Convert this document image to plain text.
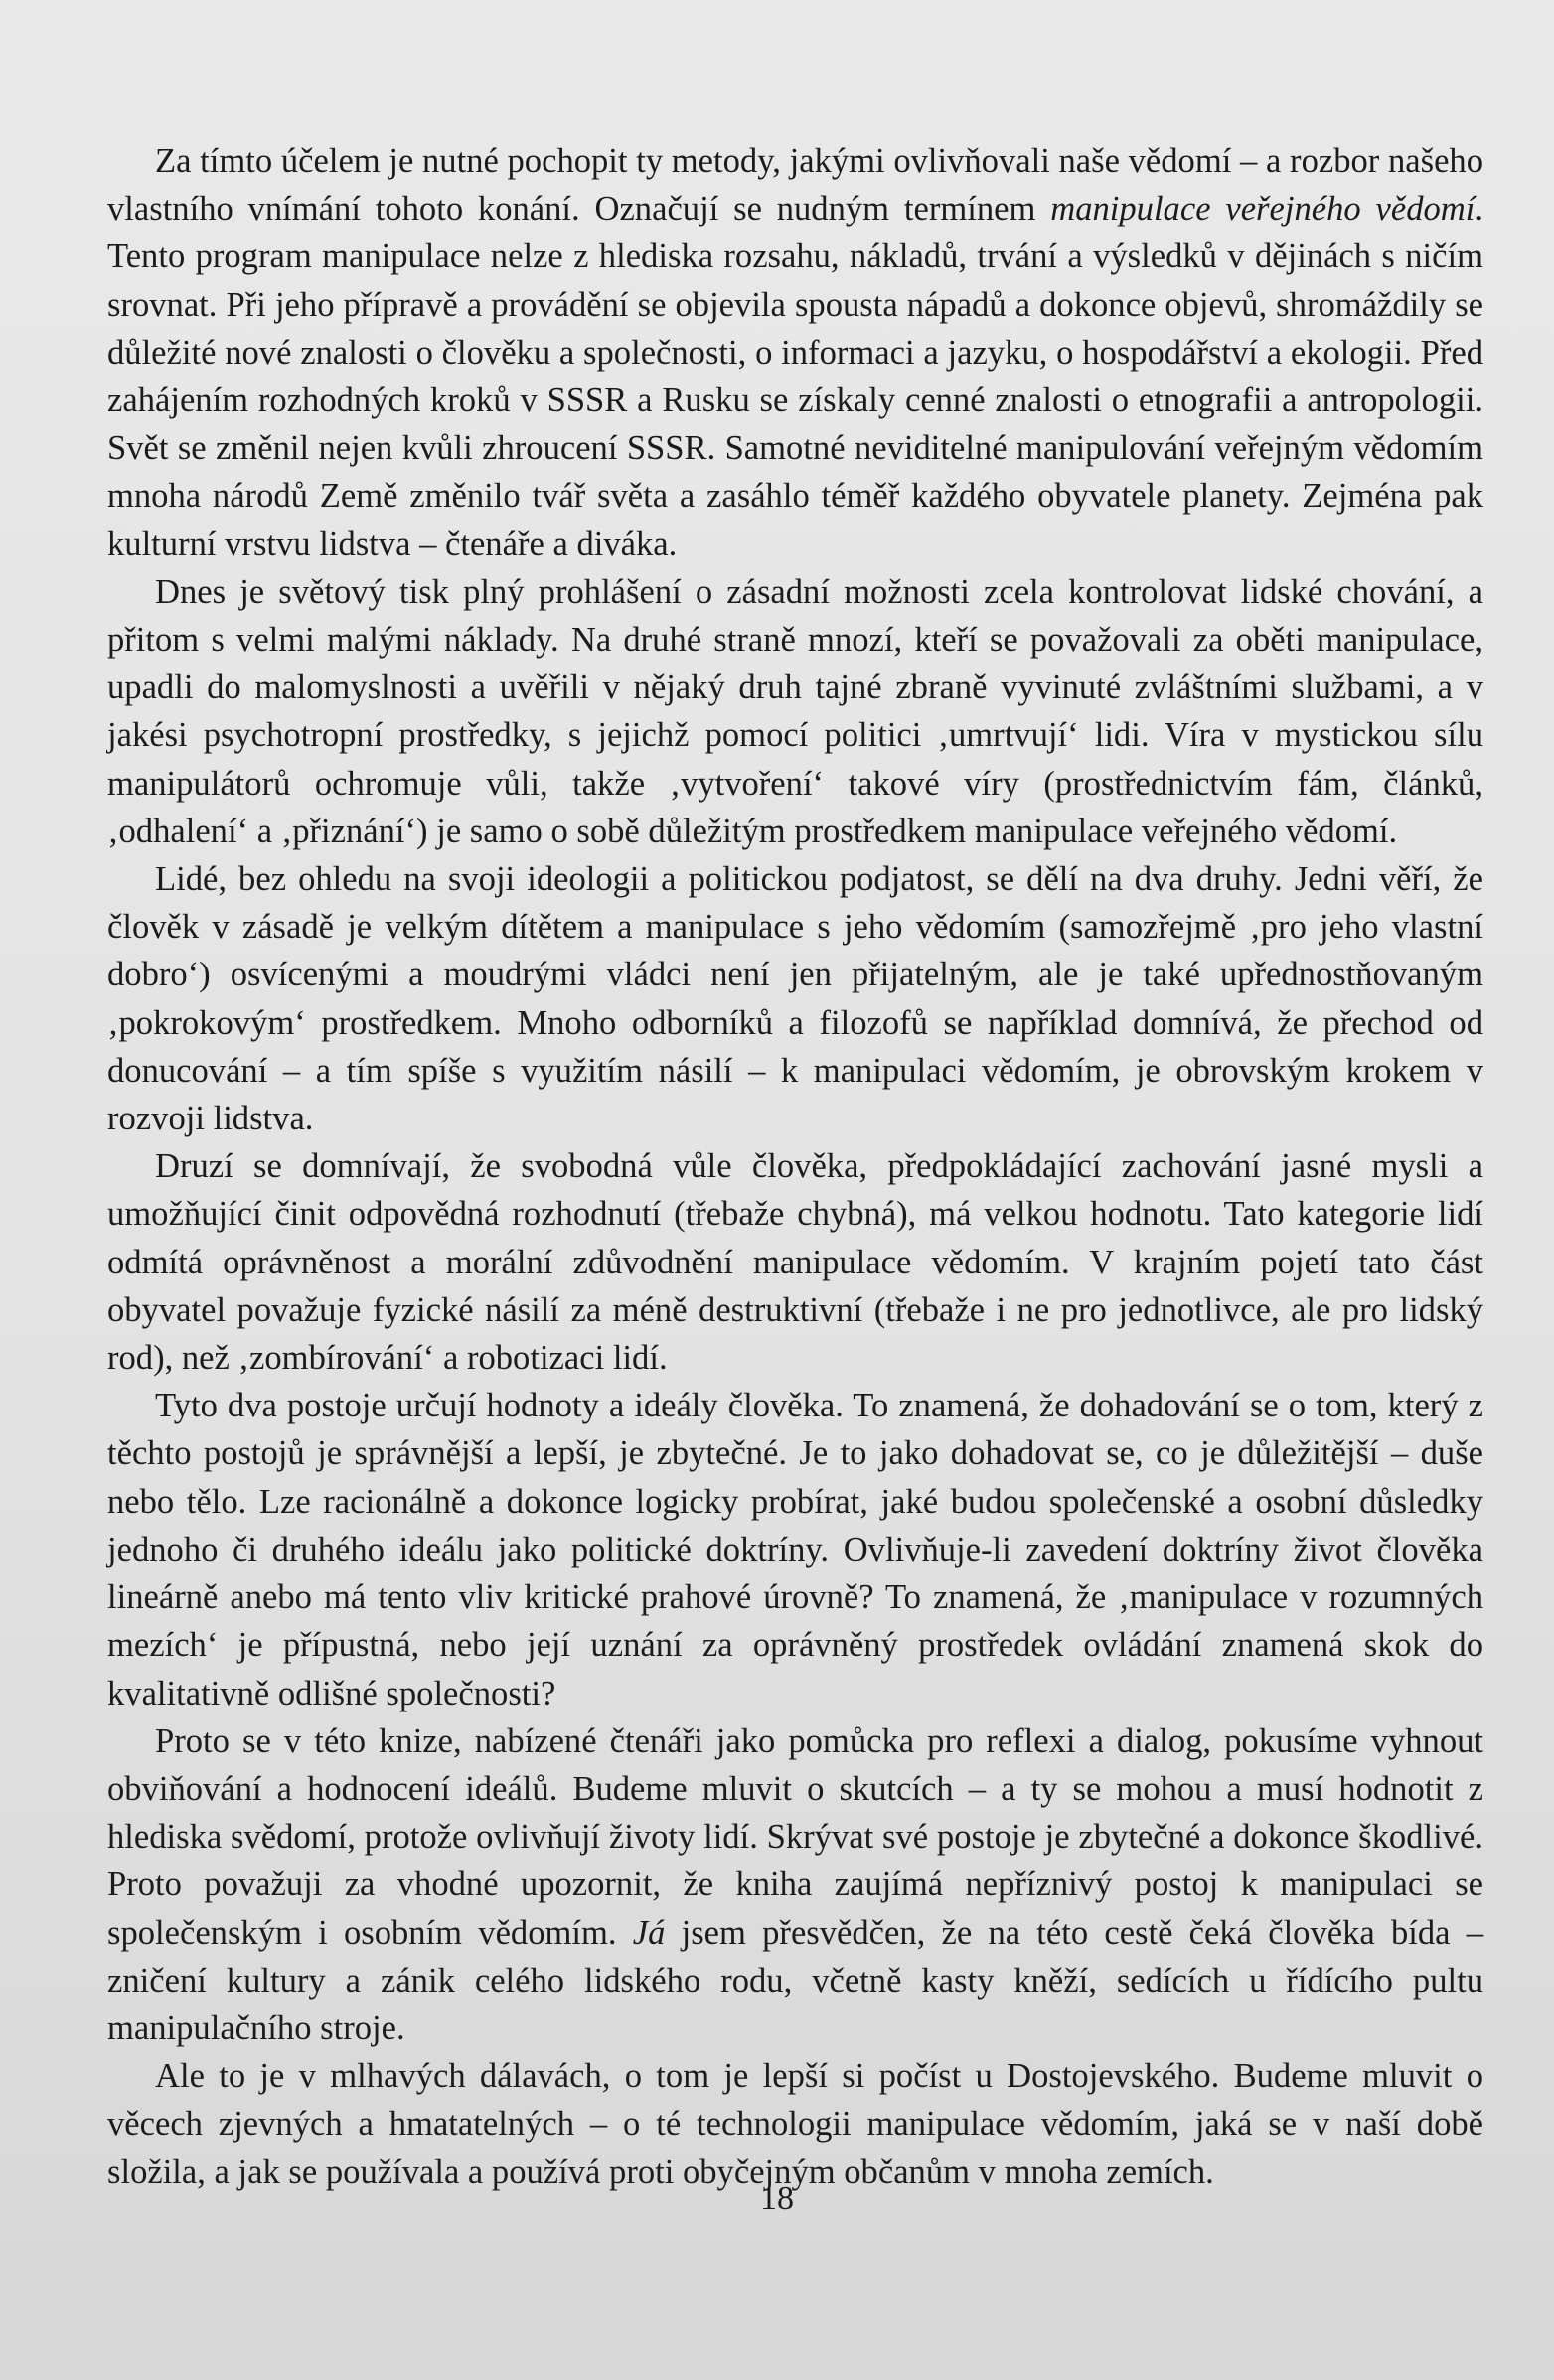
Za tímto účelem je nutné pochopit ty metody, jakými ovlivňovali naše vědomí – a rozbor našeho vlastního vnímání tohoto konání. Označují se nudným termínem manipulace veřejného vědomí. Tento program manipulace nelze z hlediska rozsahu, nákladů, trvání a výsledků v dějinách s ničím srovnat. Při jeho přípravě a provádění se objevila spousta nápadů a dokonce objevů, shromáždily se důležité nové znalosti o člověku a společnosti, o informaci a jazyku, o hospodářství a ekologii. Před zahájením rozhodných kroků v SSSR a Rusku se získaly cenné znalosti o etnografii a antropologii. Svět se změnil nejen kvůli zhroucení SSSR. Samotné neviditelné manipulování veřejným vědomím mnoha národů Země změnilo tvář světa a zasáhlo téměř každého obyvatele planety. Zejména pak kulturní vrstvu lidstva – čtenáře a diváka.

Dnes je světový tisk plný prohlášení o zásadní možnosti zcela kontrolovat lidské chování, a přitom s velmi malými náklady. Na druhé straně mnozí, kteří se považovali za oběti manipulace, upadli do malomyslnosti a uvěřili v nějaký druh tajné zbraně vyvinuté zvláštními službami, a v jakési psychotropní prostředky, s jejichž pomocí politici ‚umrtvují‘ lidi. Víra v mystickou sílu manipulátorů ochromuje vůli, takže ‚vytvoření‘ takové víry (prostřednictvím fám, článků, ‚odhalení‘ a ‚přiznání‘) je samo o sobě důležitým prostředkem manipulace veřejného vědomí.

Lidé, bez ohledu na svoji ideologii a politickou podjatost, se dělí na dva druhy. Jedni věří, že člověk v zásadě je velkým dítětem a manipulace s jeho vědomím (samozřejmě ‚pro jeho vlastní dobro‘) osvícenými a moudrými vládci není jen přijatelným, ale je také upřednostňovaným ‚pokrokovým‘ prostředkem. Mnoho odborníků a filozofů se například domnívá, že přechod od donucování – a tím spíše s využitím násilí – k manipulaci vědomím, je obrovským krokem v rozvoji lidstva.

Druzí se domnívají, že svobodná vůle člověka, předpokládající zachování jasné mysli a umožňující činit odpovědná rozhodnutí (třebaže chybná), má velkou hodnotu. Tato kategorie lidí odmítá oprávněnost a morální zdůvodnění manipulace vědomím. V krajním pojetí tato část obyvatel považuje fyzické násilí za méně destruktivní (třebaže i ne pro jednotlivce, ale pro lidský rod), než ‚zombírování‘ a robotizaci lidí.

Tyto dva postoje určují hodnoty a ideály člověka. To znamená, že dohadování se o tom, který z těchto postojů je správnější a lepší, je zbytečné. Je to jako dohadovat se, co je důležitější – duše nebo tělo. Lze racionálně a dokonce logicky probírat, jaké budou společenské a osobní důsledky jednoho či druhého ideálu jako politické doktríny. Ovlivňuje-li zavedení doktríny život člověka lineárně anebo má tento vliv kritické prahové úrovně? To znamená, že ‚manipulace v rozumných mezích‘ je přípustná, nebo její uznání za oprávněný prostředek ovládání znamená skok do kvalitativně odlišné společnosti?

Proto se v této knize, nabízené čtenáři jako pomůcka pro reflexi a dialog, pokusíme vyhnout obviňování a hodnocení ideálů. Budeme mluvit o skutcích – a ty se mohou a musí hodnotit z hlediska svědomí, protože ovlivňují životy lidí. Skrývat své postoje je zbytečné a dokonce škodlivé. Proto považuji za vhodné upozornit, že kniha zaujímá nepříznivý postoj k manipulaci se společenským i osobním vědomím. Já jsem přesvědčen, že na této cestě čeká člověka bída – zničení kultury a zánik celého lidského rodu, včetně kasty kněží, sedících u řídícího pultu manipulačního stroje.

Ale to je v mlhavých dálavách, o tom je lepší si počíst u Dostojevského. Budeme mluvit o věcech zjevných a hmatatelných – o té technologii manipulace vědomím, jaká se v naší době složila, a jak se používala a používá proti obyčejným občanům v mnoha zemích.

18
